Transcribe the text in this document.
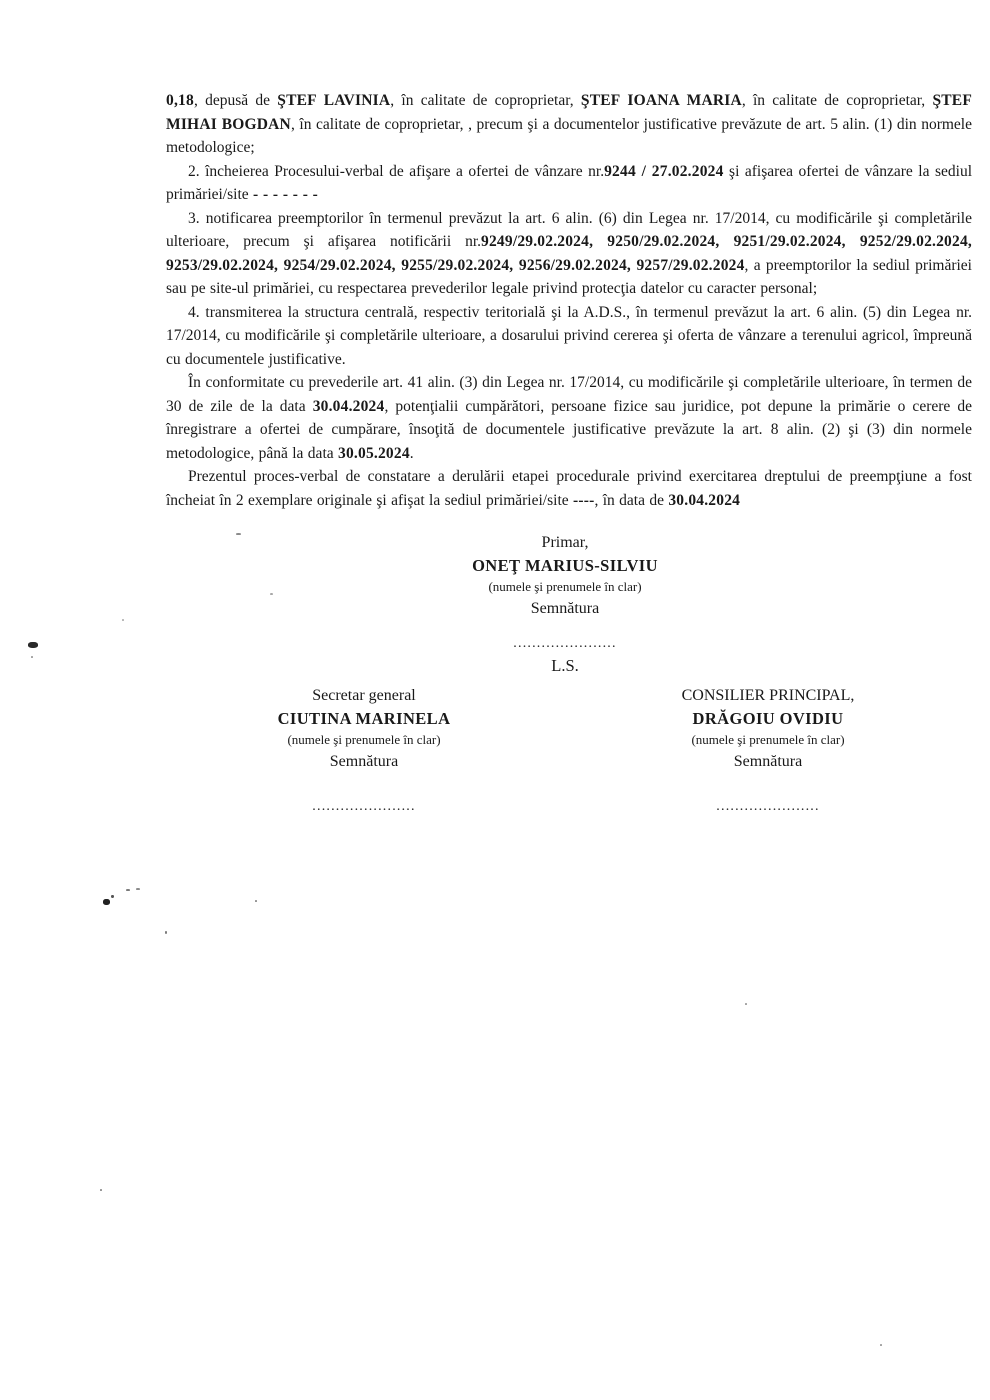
0,18, depusă de ŞTEF LAVINIA, în calitate de coproprietar, ŞTEF IOANA MARIA, în calitate de coproprietar, ŞTEF MIHAI BOGDAN, în calitate de coproprietar, , precum şi a documentelor justificative prevăzute de art. 5 alin. (1) din normele metodologice;

2. încheierea Procesului-verbal de afişare a ofertei de vânzare nr.9244 / 27.02.2024 şi afişarea ofertei de vânzare la sediul primăriei/site - - - - - - -

3. notificarea preemptorilor în termenul prevăzut la art. 6 alin. (6) din Legea nr. 17/2014, cu modificările şi completările ulterioare, precum şi afişarea notificării nr.9249/29.02.2024, 9250/29.02.2024, 9251/29.02.2024, 9252/29.02.2024, 9253/29.02.2024, 9254/29.02.2024, 9255/29.02.2024, 9256/29.02.2024, 9257/29.02.2024, a preemptorilor la sediul primăriei sau pe site-ul primăriei, cu respectarea prevederilor legale privind protecţia datelor cu caracter personal;

4. transmiterea la structura centrală, respectiv teritorială şi la A.D.S., în termenul prevăzut la art. 6 alin. (5) din Legea nr. 17/2014, cu modificările şi completările ulterioare, a dosarului privind cererea şi oferta de vânzare a terenului agricol, împreună cu documentele justificative.

În conformitate cu prevederile art. 41 alin. (3) din Legea nr. 17/2014, cu modificările şi completările ulterioare, în termen de 30 de zile de la data 30.04.2024, potenţialii cumpărători, persoane fizice sau juridice, pot depune la primărie o cerere de înregistrare a ofertei de cumpărare, însoţită de documentele justificative prevăzute la art. 8 alin. (2) şi (3) din normele metodologice, până la data 30.05.2024.

Prezentul proces-verbal de constatare a derulării etapei procedurale privind exercitarea dreptului de preempţiune a fost încheiat în 2 exemplare originale şi afişat la sediul primăriei/site ----, în data de 30.04.2024

Primar,
ONEŢ MARIUS-SILVIU
(numele şi prenumele în clar)
Semnătura
......................
L.S.
Secretar general
CIUTINA MARINELA
(numele şi prenumele în clar)
Semnătura
......................
CONSILIER PRINCIPAL,
DRĂGOIU OVIDIU
(numele şi prenumele în clar)
Semnătura
......................
